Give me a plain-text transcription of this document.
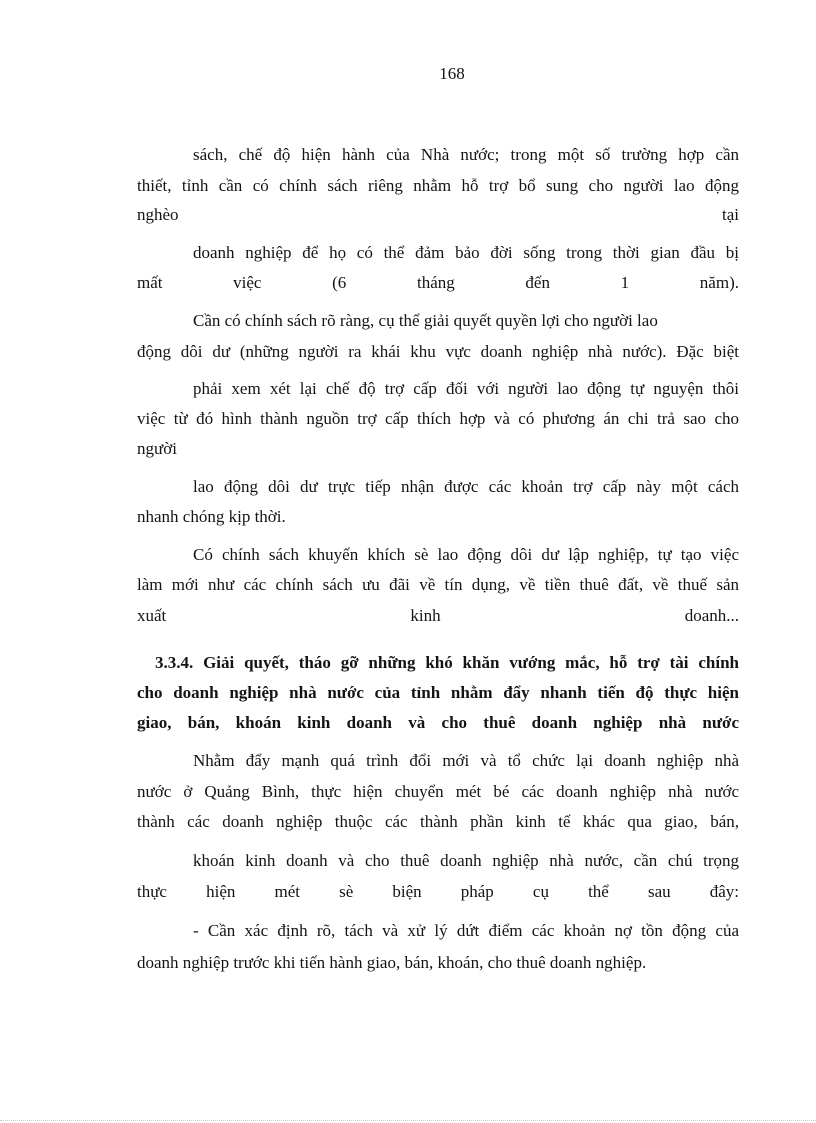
168
sách, chế độ hiện hành của Nhà nước; trong một số trường hợp cần
thiết, tỉnh cần có chính sách riêng nhằm hỗ trợ bổ sung cho người lao động
nghèo tại
doanh nghiệp để họ có thể đảm bảo đời sống trong thời gian đầu bị
mất việc (6 tháng đến 1 năm).
Cần có chính sách rõ ràng, cụ thể giải quyết quyền lợi cho người lao
động dôi dư (những người ra khái khu vực doanh nghiệp nhà nước). Đặc biệt
phải xem xét lại chế độ trợ cấp đối với người lao động tự nguyện thôi
việc từ đó hình thành nguồn trợ cấp thích hợp và có phương án chi trả sao cho
người
lao động dôi dư trực tiếp nhận được các khoản trợ cấp này một cách
nhanh chóng kịp thời.
Có chính sách khuyến khích sè lao động dôi dư lập nghiệp, tự tạo việc
làm mới như các chính sách ưu đãi về tín dụng, về tiền thuê đất, về thuế sản
xuất kinh doanh...
3.3.4. Giải quyết, tháo gỡ những khó khăn vướng mắc, hỗ trợ tài chính
cho doanh nghiệp nhà nước của tỉnh nhằm đẩy nhanh tiến độ thực hiện
giao, bán, khoán kinh doanh và cho thuê doanh nghiệp nhà nước
Nhằm đẩy mạnh quá trình đổi mới và tổ chức lại doanh nghiệp nhà
nước ở Quảng Bình, thực hiện chuyển mét bé các doanh nghiệp nhà nước
thành các doanh nghiệp thuộc các thành phần kinh tế khác qua giao, bán,
khoán kinh doanh và cho thuê doanh nghiệp nhà nước, cần chú trọng
thực hiện mét sè biện pháp cụ thể sau đây:
- Cần xác định rõ, tách và xử lý dứt điểm các khoản nợ tồn động của
doanh nghiệp trước khi tiến hành giao, bán, khoán, cho thuê doanh nghiệp.
